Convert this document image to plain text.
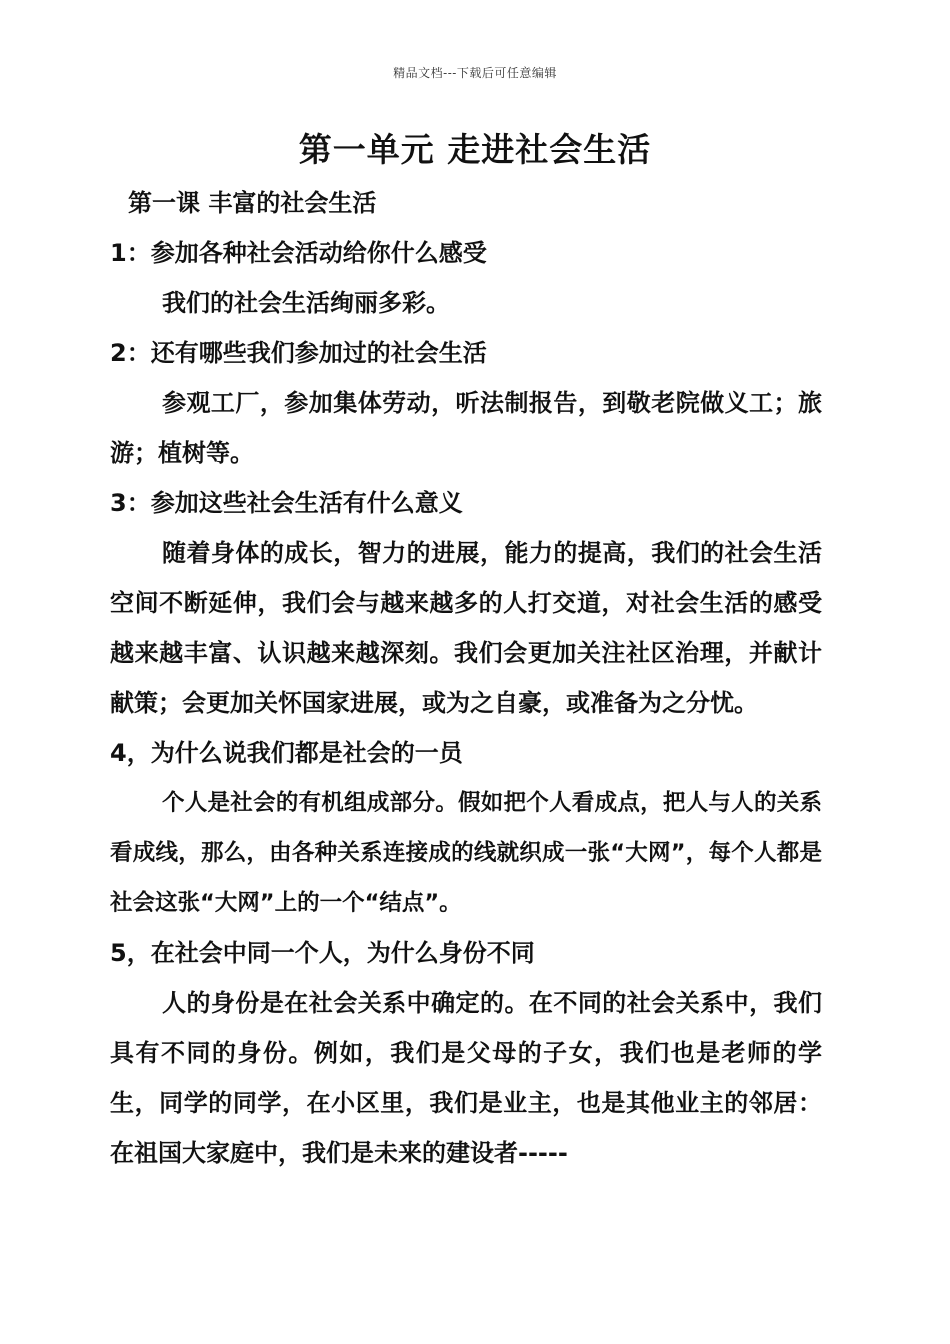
精品文档---下载后可任意编辑
第一单元 走进社会生活

第一课 丰富的社会生活

1：参加各种社会活动给你什么感受

我们的社会生活绚丽多彩。

2：还有哪些我们参加过的社会生活

参观工厂，参加集体劳动，听法制报告，到敬老院做义工；旅游；植树等。

3：参加这些社会生活有什么意义

随着身体的成长，智力的进展，能力的提高，我们的社会生活空间不断延伸，我们会与越来越多的人打交道，对社会生活的感受越来越丰富、认识越来越深刻。我们会更加关注社区治理，并献计献策；会更加关怀国家进展，或为之自豪，或准备为之分忧。

4，为什么说我们都是社会的一员

个人是社会的有机组成部分。假如把个人看成点，把人与人的关系看成线，那么，由各种关系连接成的线就织成一张“大网”，每个人都是社会这张“大网”上的一个“结点”。

5，在社会中同一个人，为什么身份不同

人的身份是在社会关系中确定的。在不同的社会关系中，我们具有不同的身份。例如，我们是父母的子女，我们也是老师的学生，同学的同学，在小区里，我们是业主，也是其他业主的邻居：在祖国大家庭中，我们是未来的建设者-----
